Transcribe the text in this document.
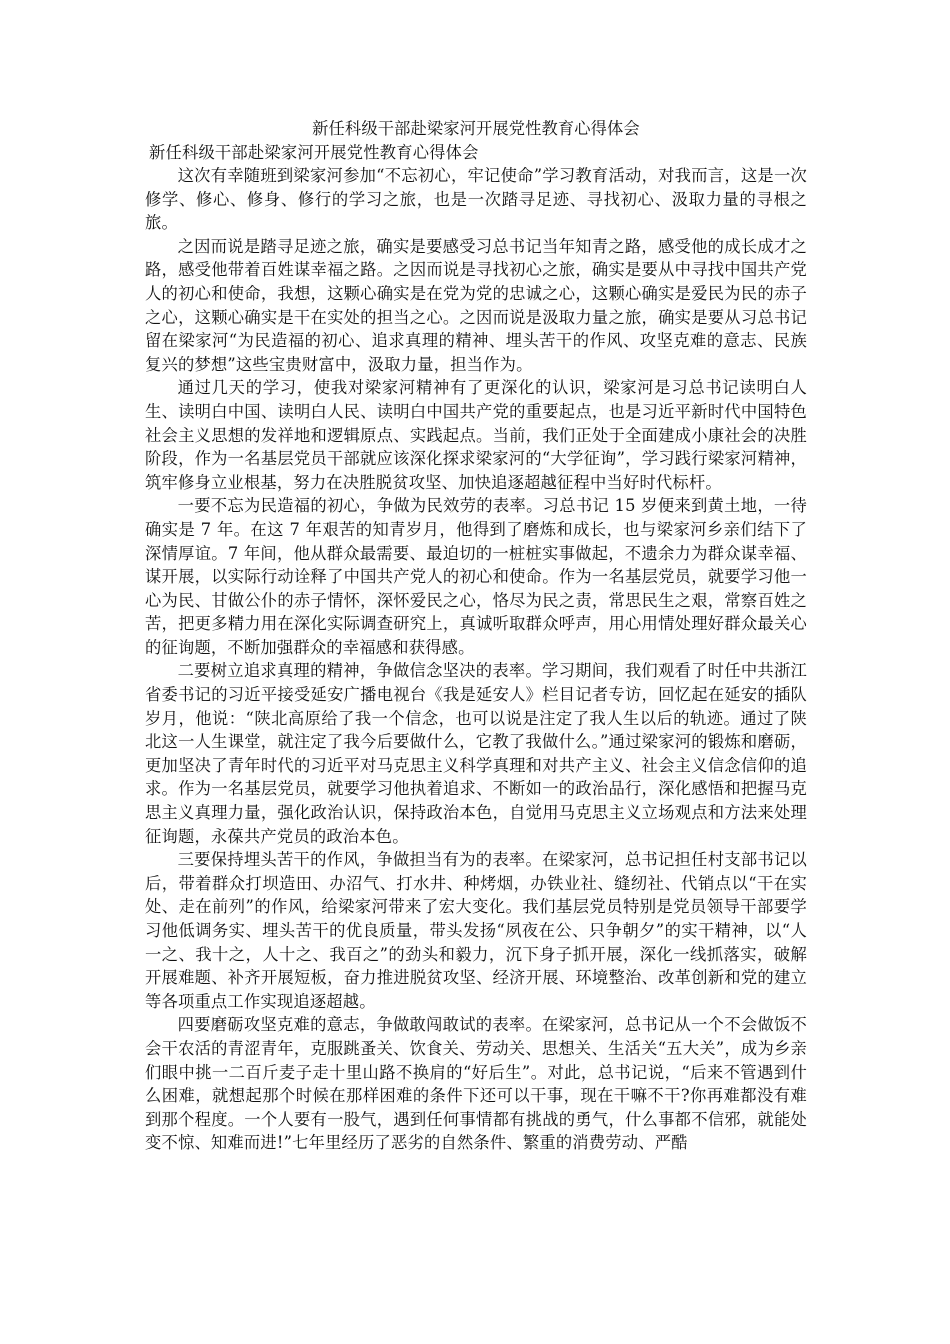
新任科级干部赴梁家河开展党性教育心得体会

新任科级干部赴梁家河开展党性教育心得体会

这次有幸随班到梁家河参加“不忘初心，牢记使命”学习教育活动，对我而言，这是一次修学、修心、修身、修行的学习之旅，也是一次踏寻足迹、寻找初心、汲取力量的寻根之旅。

之因而说是踏寻足迹之旅，确实是要感受习总书记当年知青之路，感受他的成长成才之路，感受他带着百姓谋幸福之路。之因而说是寻找初心之旅，确实是要从中寻找中国共产党人的初心和使命，我想，这颗心确实是在党为党的忠诚之心，这颗心确实是爱民为民的赤子之心，这颗心确实是干在实处的担当之心。之因而说是汲取力量之旅，确实是要从习总书记留在梁家河“为民造福的初心、追求真理的精神、埋头苦干的作风、攻坚克难的意志、民族复兴的梦想”这些宝贵财富中，汲取力量，担当作为。

通过几天的学习，使我对梁家河精神有了更深化的认识，梁家河是习总书记读明白人生、读明白中国、读明白人民、读明白中国共产党的重要起点，也是习近平新时代中国特色社会主义思想的发祥地和逻辑原点、实践起点。当前，我们正处于全面建成小康社会的决胜阶段，作为一名基层党员干部就应该深化探求梁家河的“大学征询”，学习践行梁家河精神，筑牢修身立业根基，努力在决胜脱贫攻坚、加快追逐超越征程中当好时代标杆。

一要不忘为民造福的初心，争做为民效劳的表率。习总书记 15 岁便来到黄土地，一待确实是 7 年。在这 7 年艰苦的知青岁月，他得到了磨炼和成长，也与梁家河乡亲们结下了深情厚谊。7 年间，他从群众最需要、最迫切的一桩桩实事做起，不遗余力为群众谋幸福、谋开展，以实际行动诠释了中国共产党人的初心和使命。作为一名基层党员，就要学习他一心为民、甘做公仆的赤子情怀，深怀爱民之心，恪尽为民之责，常思民生之艰，常察百姓之苦，把更多精力用在深化实际调查研究上，真诚听取群众呼声，用心用情处理好群众最关心的征询题，不断加强群众的幸福感和获得感。

二要树立追求真理的精神，争做信念坚决的表率。学习期间，我们观看了时任中共浙江省委书记的习近平接受延安广播电视台《我是延安人》栏目记者专访，回忆起在延安的插队岁月，他说：“陕北高原给了我一个信念，也可以说是注定了我人生以后的轨迹。通过了陕北这一人生课堂，就注定了我今后要做什么，它教了我做什么。”通过梁家河的锻炼和磨砺，更加坚决了青年时代的习近平对马克思主义科学真理和对共产主义、社会主义信念信仰的追求。作为一名基层党员，就要学习他执着追求、不断如一的政治品行，深化感悟和把握马克思主义真理力量，强化政治认识，保持政治本色，自觉用马克思主义立场观点和方法来处理征询题，永葆共产党员的政治本色。

三要保持埋头苦干的作风，争做担当有为的表率。在梁家河，总书记担任村支部书记以后，带着群众打坝造田、办沼气、打水井、种烤烟，办铁业社、缝纫社、代销点以“干在实处、走在前列”的作风，给梁家河带来了宏大变化。我们基层党员特别是党员领导干部要学习他低调务实、埋头苦干的优良质量，带头发扬“夙夜在公、只争朝夕”的实干精神，以“人一之、我十之，人十之、我百之”的劲头和毅力，沉下身子抓开展，深化一线抓落实，破解开展难题、补齐开展短板，奋力推进脱贫攻坚、经济开展、环境整治、改革创新和党的建立等各项重点工作实现追逐超越。

四要磨砺攻坚克难的意志，争做敢闯敢试的表率。在梁家河，总书记从一个不会做饭不会干农活的青涩青年，克服跳蚤关、饮食关、劳动关、思想关、生活关“五大关”，成为乡亲们眼中挑一二百斤麦子走十里山路不换肩的“好后生”。对此，总书记说，“后来不管遇到什么困难，就想起那个时候在那样困难的条件下还可以干事，现在干嘛不干?你再难都没有难到那个程度。一个人要有一股气，遇到任何事情都有挑战的勇气，什么事都不信邪，就能处变不惊、知难而进!”七年里经历了恶劣的自然条件、繁重的消费劳动、严酷
